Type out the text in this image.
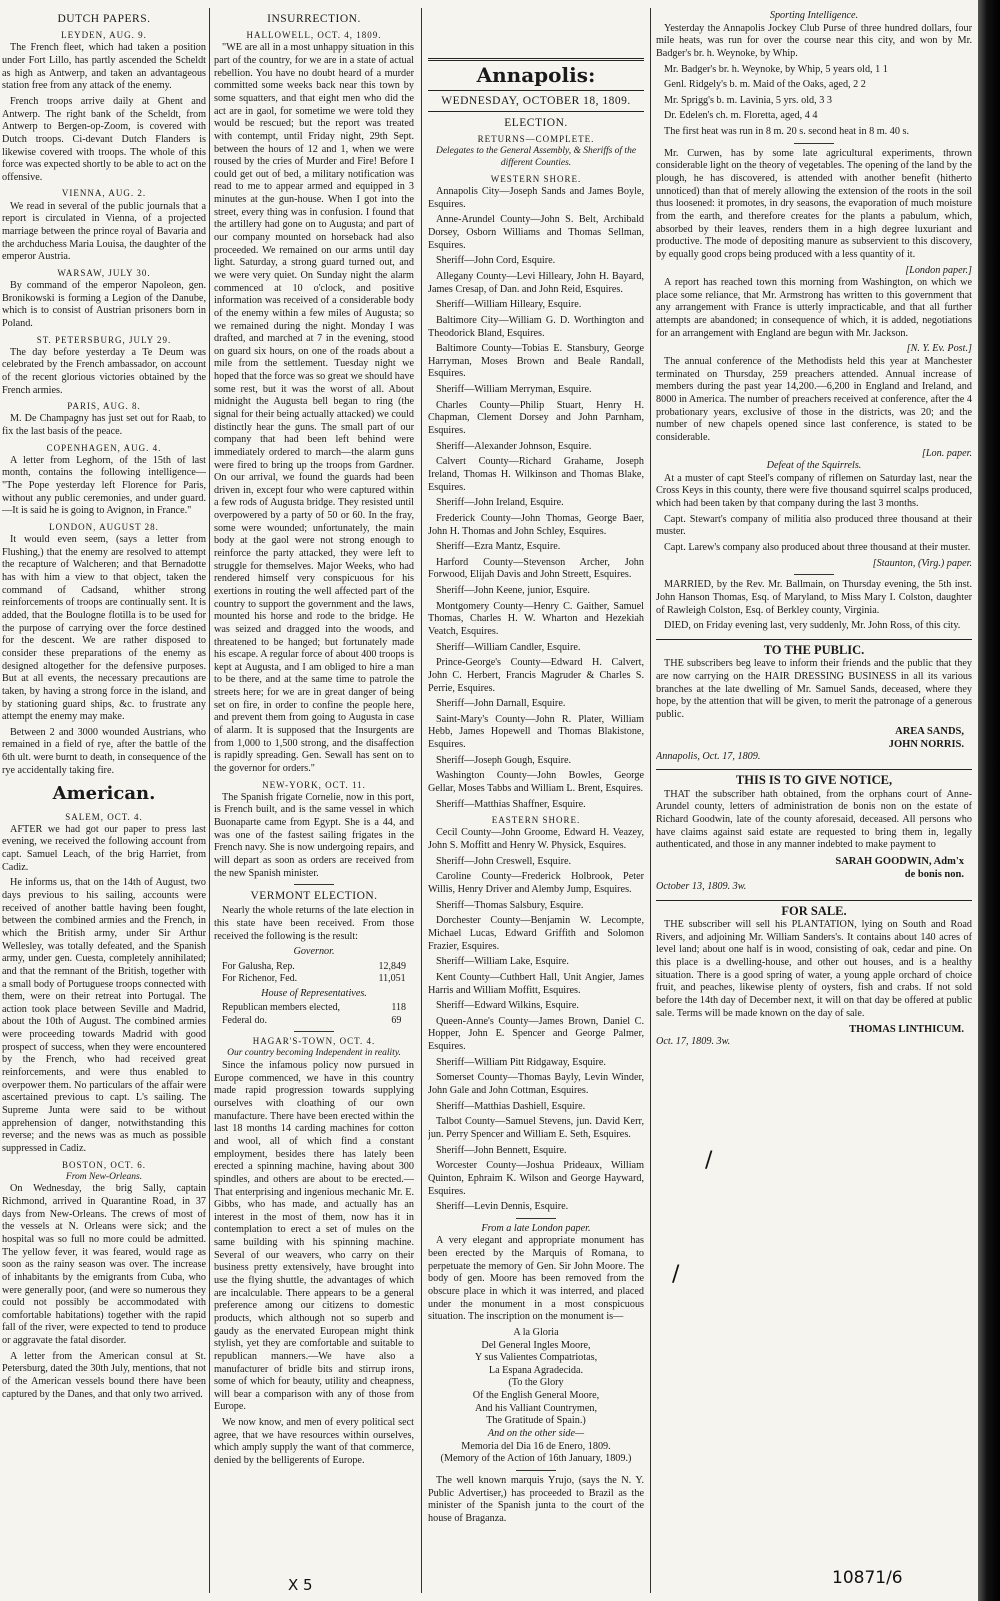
DUTCH PAPERS.
LEYDEN, AUG. 9.

The French fleet, which had taken a position under Fort Lillo, has partly ascended the Scheldt as high as Antwerp, and taken an advantageous station free from any attack of the enemy.

French troops arrive daily at Ghent and Antwerp. The right bank of the Scheldt, from Antwerp to Bergen-op-Zoom, is covered with Dutch troops. Ci-devant Dutch Flanders is likewise covered with troops. The whole of this force was expected shortly to be able to act on the offensive.

VIENNA, AUG. 2.

We read in several of the public journals that a report is circulated in Vienna, of a projected marriage between the prince royal of Bavaria and the archduchess Maria Louisa, the daughter of the emperor Austria.

WARSAW, JULY 30.

By command of the emperor Napoleon, gen. Bronikowski is forming a Legion of the Danube, which is to consist of Austrian prisoners born in Poland.

ST. PETERSBURG, JULY 29.

The day before yesterday a Te Deum was celebrated by the French ambassador, on account of the recent glorious victories obtained by the French armies.

PARIS, AUG. 8.

M. De Champagny has just set out for Raab, to fix the last basis of the peace.

COPENHAGEN, AUG. 4.

A letter from Leghorn, of the 15th of last month, contains the following intelligence— "The Pope yesterday left Florence for Paris, without any public ceremonies, and under guard.—It is said he is going to Avignon, in France."

LONDON, AUGUST 28.

It would even seem, (says a letter from Flushing,) that the enemy are resolved to attempt the recapture of Walcheren; and that Bernadotte has with him a view to that object, taken the command of Cadsand, whither strong reinforcements of troops are continually sent. It is added, that the Boulogne flotilla is to be used for the purpose of carrying over the force destined for the descent. We are rather disposed to consider these preparations of the enemy as designed altogether for the defensive purposes. But at all events, the necessary precautions are taken, by having a strong force in the island, and by stationing guard ships, &c. to frustrate any attempt the enemy may make.

Between 2 and 3000 wounded Austrians, who remained in a field of rye, after the battle of the 6th ult. were burnt to death, in consequence of the rye accidentally taking fire.

American.
SALEM, OCT. 4.

AFTER we had got our paper to press last evening, we received the following account from capt. Samuel Leach, of the brig Harriet, from Cadiz.

He informs us, that on the 14th of August, two days previous to his sailing, accounts were received of another battle having been fought, between the combined armies and the French, in which the British army, under Sir Arthur Wellesley, was totally defeated, and the Spanish army, under gen. Cuesta, completely annihilated; and that the remnant of the British, together with a small body of Portuguese troops connected with them, were on their retreat into Portugal. The action took place between Seville and Madrid, about the 10th of August. The combined armies were proceeding towards Madrid with good prospect of success, when they were encountered by the French, who had received great reinforcements, and were thus enabled to overpower them. No particulars of the affair were ascertained previous to capt. L's sailing. The Supreme Junta were said to be without apprehension of danger, notwithstanding this reverse; and the news was as much as possible suppressed in Cadiz.

BOSTON, OCT. 6.
From New-Orleans.

On Wednesday, the brig Sally, captain Richmond, arrived in Quarantine Road, in 37 days from New-Orleans. The crews of most of the vessels at N. Orleans were sick; and the hospital was so full no more could be admitted. The yellow fever, it was feared, would rage as soon as the rainy season was over. The increase of inhabitants by the emigrants from Cuba, who were generally poor, (and were so numerous they could not possibly be accommodated with comfortable habitations) together with the rapid fall of the river, were expected to tend to produce or aggravate the fatal disorder.

A letter from the American consul at St. Petersburg, dated the 30th July, mentions, that not of the American vessels bound there have been captured by the Danes, and that only two arrived.

INSURRECTION.
HALLOWELL, OCT. 4, 1809.

"WE are all in a most unhappy situation in this part of the country, for we are in a state of actual rebellion. You have no doubt heard of a murder committed some weeks back near this town by some squatters, and that eight men who did the act are in gaol, for sometime we were told they would be rescued; but the report was treated with contempt, until Friday night, 29th Sept. between the hours of 12 and 1, when we were roused by the cries of Murder and Fire! Before I could get out of bed, a military notification was read to me to appear armed and equipped in 3 minutes at the gun-house. When I got into the street, every thing was in confusion. I found that the artillery had gone on to Augusta; and part of our company mounted on horseback had also proceeded. We remained on our arms until day light. Saturday, a strong guard turned out, and we were very quiet. On Sunday night the alarm commenced at 10 o'clock, and positive information was received of a considerable body of the enemy within a few miles of Augusta; so we remained during the night. Monday I was drafted, and marched at 7 in the evening, stood on guard six hours, on one of the roads about a mile from the settlement. Tuesday night we hoped that the force was so great we should have some rest, but it was the worst of all. About midnight the Augusta bell began to ring (the signal for their being actually attacked) we could distinctly hear the guns. The small part of our company that had been left behind were immediately ordered to march—the alarm guns were fired to bring up the troops from Gardner. On our arrival, we found the guards had been driven in, except four who were captured within a few rods of Augusta bridge. They resisted until overpowered by a party of 50 or 60. In the fray, some were wounded; unfortunately, the main body at the gaol were not strong enough to reinforce the party attacked, they were left to struggle for themselves. Major Weeks, who had rendered himself very conspicuous for his exertions in routing the well affected part of the country to support the government and the laws, mounted his horse and rode to the bridge. He was seized and dragged into the woods, and threatened to be hanged; but fortunately made his escape. A regular force of about 400 troops is kept at Augusta, and I am obliged to hire a man to be there, and at the same time to patrole the streets here; for we are in great danger of being set on fire, in order to confine the people here, and prevent them from going to Augusta in case of alarm. It is supposed that the Insurgents are from 1,000 to 1,500 strong, and the disaffection is rapidly spreading. Gen. Sewall has sent on to the governor for orders."

NEW-YORK, OCT. 11.

The Spanish frigate Cornelie, now in this port, is French built, and is the same vessel in which Buonaparte came from Egypt. She is a 44, and was one of the fastest sailing frigates in the French navy. She is now undergoing repairs, and will depart as soon as orders are received from the new Spanish minister.

VERMONT ELECTION.

Nearly the whole returns of the late election in this state have been received. From those received the following is the result:

Governor.
For Galusha, Rep.	12,849
For Richenor, Fed.	11,051
House of Representatives.
Republican members elected,	118
Federal do.	69
HAGAR'S-TOWN, OCT. 4.
Our country becoming Independent in reality.

Since the infamous policy now pursued in Europe commenced, we have in this country made rapid progression towards supplying ourselves with cloathing of our own manufacture. There have been erected within the last 18 months 14 carding machines for cotton and wool, all of which find a constant employment, besides there has lately been erected a spinning machine, having about 300 spindles, and others are about to be erected.—That enterprising and ingenious mechanic Mr. E. Gibbs, who has made, and actually has an interest in the most of them, now has it in contemplation to erect a set of mules on the same building with his spinning machine. Several of our weavers, who carry on their business pretty extensively, have brought into use the flying shuttle, the advantages of which are incalculable. There appears to be a general preference among our citizens to domestic products, which although not so superb and gaudy as the enervated European might think stylish, yet they are comfortable and suitable to republican manners.—We have also a manufacturer of bridle bits and stirrup irons, some of which for beauty, utility and cheapness, will bear a comparison with any of those from Europe.

We now know, and men of every political sect agree, that we have resources within ourselves, which amply supply the want of that commerce, denied by the belligerents of Europe.

Annapolis:
WEDNESDAY, OCTOBER 18, 1809.
ELECTION.
RETURNS—COMPLETE.
Delegates to the General Assembly, & Sheriffs of the different Counties.
WESTERN SHORE.

Annapolis City—Joseph Sands and James Boyle, Esquires.

Anne-Arundel County—John S. Belt, Archibald Dorsey, Osborn Williams and Thomas Sellman, Esquires.

Sheriff—John Cord, Esquire.

Allegany County—Levi Hilleary, John H. Bayard, James Cresap, of Dan. and John Reid, Esquires.

Sheriff—William Hilleary, Esquire.

Baltimore City—William G. D. Worthington and Theodorick Bland, Esquires.

Baltimore County—Tobias E. Stansbury, George Harryman, Moses Brown and Beale Randall, Esquires.

Sheriff—William Merryman, Esquire.

Charles County—Philip Stuart, Henry H. Chapman, Clement Dorsey and John Parnham, Esquires.

Sheriff—Alexander Johnson, Esquire.

Calvert County—Richard Grahame, Joseph Ireland, Thomas H. Wilkinson and Thomas Blake, Esquires.

Sheriff—John Ireland, Esquire.

Frederick County—John Thomas, George Baer, John H. Thomas and John Schley, Esquires.

Sheriff—Ezra Mantz, Esquire.

Harford County—Stevenson Archer, John Forwood, Elijah Davis and John Streett, Esquires.

Sheriff—John Keene, junior, Esquire.

Montgomery County—Henry C. Gaither, Samuel Thomas, Charles H. W. Wharton and Hezekiah Veatch, Esquires.

Sheriff—William Candler, Esquire.

Prince-George's County—Edward H. Calvert, John C. Herbert, Francis Magruder & Charles S. Perrie, Esquires.

Sheriff—John Darnall, Esquire.

Saint-Mary's County—John R. Plater, William Hebb, James Hopewell and Thomas Blakistone, Esquires.

Sheriff—Joseph Gough, Esquire.

Washington County—John Bowles, George Gellar, Moses Tabbs and William L. Brent, Esquires.

Sheriff—Matthias Shaffner, Esquire.

EASTERN SHORE.

Cecil County—John Groome, Edward H. Veazey, John S. Moffitt and Henry W. Physick, Esquires.

Sheriff—John Creswell, Esquire.

Caroline County—Frederick Holbrook, Peter Willis, Henry Driver and Alemby Jump, Esquires.

Sheriff—Thomas Salsbury, Esquire.

Dorchester County—Benjamin W. Lecompte, Michael Lucas, Edward Griffith and Solomon Frazier, Esquires.

Sheriff—William Lake, Esquire.

Kent County—Cuthbert Hall, Unit Angier, James Harris and William Moffitt, Esquires.

Sheriff—Edward Wilkins, Esquire.

Queen-Anne's County—James Brown, Daniel C. Hopper, John E. Spencer and George Palmer, Esquires.

Sheriff—William Pitt Ridgaway, Esquire.

Somerset County—Thomas Bayly, Levin Winder, John Gale and John Cottman, Esquires.

Sheriff—Matthias Dashiell, Esquire.

Talbot County—Samuel Stevens, jun. David Kerr, jun. Perry Spencer and William E. Seth, Esquires.

Sheriff—John Bennett, Esquire.

Worcester County—Joshua Prideaux, William Quinton, Ephraim K. Wilson and George Hayward, Esquires.

Sheriff—Levin Dennis, Esquire.

From a late London paper.

A very elegant and appropriate monument has been erected by the Marquis of Romana, to perpetuate the memory of Gen. Sir John Moore. The body of gen. Moore has been removed from the obscure place in which it was interred, and placed under the monument in a most conspicuous situation. The inscription on the monument is—

A la Gloria
Del General Ingles Moore,
Y sus Valientes Compatriotas,
La Espana Agradecida.
(To the Glory
Of the English General Moore,
And his Valliant Countrymen,
The Gratitude of Spain.)
And on the other side—
Memoria del Dia 16 de Enero, 1809.
(Memory of the Action of 16th January, 1809.)

The well known marquis Yrujo, (says the N. Y. Public Advertiser,) has proceeded to Brazil as the minister of the Spanish junta to the court of the house of Braganza.

Sporting Intelligence.

Yesterday the Annapolis Jockey Club Purse of three hundred dollars, four mile heats, was run for over the course near this city, and won by Mr. Badger's br. h. Weynoke, by Whip.

Mr. Badger's br. h. Weynoke, by Whip, 5 years old, 1 1

Genl. Ridgely's b. m. Maid of the Oaks, aged, 2 2

Mr. Sprigg's b. m. Lavinia, 5 yrs. old, 3 3

Dr. Edelen's ch. m. Floretta, aged, 4 4

The first heat was run in 8 m. 20 s. second heat in 8 m. 40 s.

Mr. Curwen, has by some late agricultural experiments, thrown considerable light on the theory of vegetables. The opening of the land by the plough, he has discovered, is attended with another benefit (hitherto unnoticed) than that of merely allowing the extension of the roots in the soil thus loosened: it promotes, in dry seasons, the evaporation of much moisture from the earth, and therefore creates for the plants a pabulum, which, absorbed by their leaves, renders them in a high degree luxuriant and productive. The mode of depositing manure as subservient to this discovery, by equally good crops being produced with a less quantity of it.

[London paper.]

A report has reached town this morning from Washington, on which we place some reliance, that Mr. Armstrong has written to this government that any arrangement with France is utterly impracticable, and that all further attempts are abandoned; in consequence of which, it is added, negotiations for an arrangement with England are begun with Mr. Jackson.

[N. Y. Ev. Post.]

The annual conference of the Methodists held this year at Manchester terminated on Thursday, 259 preachers attended. Annual increase of members during the past year 14,200.—6,200 in England and Ireland, and 8000 in America. The number of preachers received at conference, after the 4 probationary years, exclusive of those in the districts, was 20; and the number of new chapels opened since last conference, is stated to be considerable.

[Lon. paper.
Defeat of the Squirrels.

At a muster of capt Steel's company of riflemen on Saturday last, near the Cross Keys in this county, there were five thousand squirrel scalps produced, which had been taken by that company during the last 3 months.

Capt. Stewart's company of militia also produced three thousand at their muster.

Capt. Larew's company also produced about three thousand at their muster.

[Staunton, (Virg.) paper.

MARRIED, by the Rev. Mr. Ballmain, on Thursday evening, the 5th inst. John Hanson Thomas, Esq. of Maryland, to Miss Mary I. Colston, daughter of Rawleigh Colston, Esq. of Berkley county, Virginia.

DIED, on Friday evening last, very suddenly, Mr. John Ross, of this city.

TO THE PUBLIC.

THE subscribers beg leave to inform their friends and the public that they are now carrying on the HAIR DRESSING BUSINESS in all its various branches at the late dwelling of Mr. Samuel Sands, deceased, where they hope, by the attention that will be given, to merit the patronage of a generous public.

AREA SANDS,
JOHN NORRIS.
Annapolis, Oct. 17, 1809.
THIS IS TO GIVE NOTICE,

THAT the subscriber hath obtained, from the orphans court of Anne-Arundel county, letters of administration de bonis non on the estate of Richard Goodwin, late of the county aforesaid, deceased. All persons who have claims against said estate are requested to bring them in, legally authenticated, and those in any manner indebted to make payment to

SARAH GOODWIN, Adm'x
de bonis non.
October 13, 1809. 3w.
FOR SALE.

THE subscriber will sell his PLANTATION, lying on South and Road Rivers, and adjoining Mr. William Sanders's. It contains about 140 acres of level land; about one half is in wood, consisting of oak, cedar and pine. On this place is a dwelling-house, and other out houses, and is a healthy situation. There is a good spring of water, a young apple orchard of choice fruit, and peaches, likewise plenty of oysters, fish and crabs. If not sold before the 14th day of December next, it will on that day be offered at public sale. Terms will be made known on the day of sale.

THOMAS LINTHICUM.
Oct. 17, 1809. 3w.
/
/
10871/6
X 5
